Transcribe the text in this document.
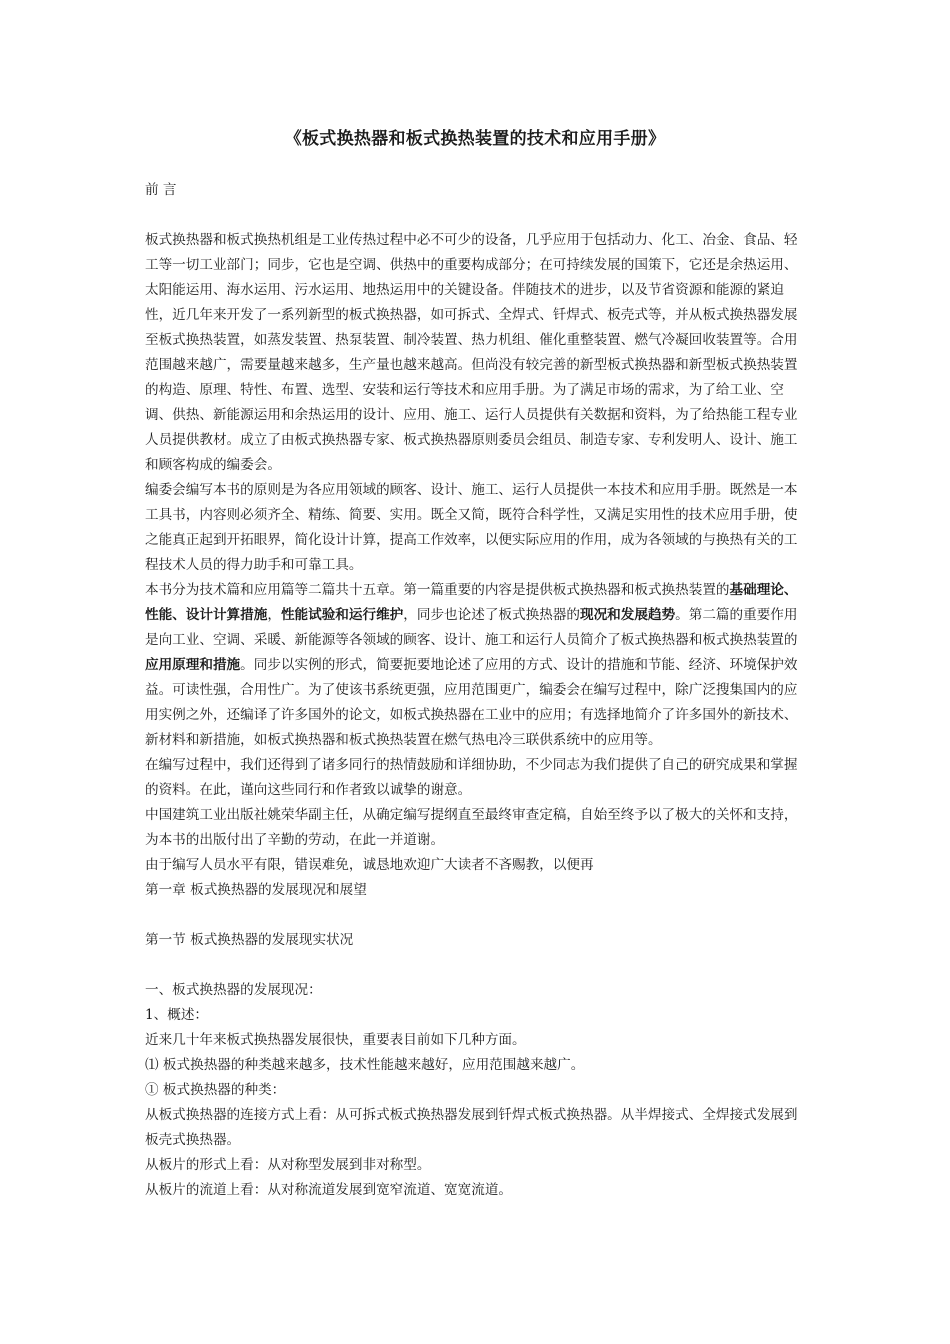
《板式换热器和板式换热装置的技术和应用手册》

前 言

板式换热器和板式换热机组是工业传热过程中必不可少的设备，几乎应用于包括动力、化工、冶金、食品、轻工等一切工业部门；同步，它也是空调、供热中的重要构成部分；在可持续发展的国策下，它还是余热运用、太阳能运用、海水运用、污水运用、地热运用中的关键设备。伴随技术的进步，以及节省资源和能源的紧迫性，近几年来开发了一系列新型的板式换热器，如可拆式、全焊式、钎焊式、板壳式等，并从板式换热器发展至板式换热装置，如蒸发装置、热泵装置、制冷装置、热力机组、催化重整装置、燃气冷凝回收装置等。合用范围越来越广，需要量越来越多，生产量也越来越高。但尚没有较完善的新型板式换热器和新型板式换热装置的构造、原理、特性、布置、选型、安装和运行等技术和应用手册。为了满足市场的需求，为了给工业、空调、供热、新能源运用和余热运用的设计、应用、施工、运行人员提供有关数据和资料，为了给热能工程专业人员提供教材。成立了由板式换热器专家、板式换热器原则委员会组员、制造专家、专利发明人、设计、施工和顾客构成的编委会。

编委会编写本书的原则是为各应用领域的顾客、设计、施工、运行人员提供一本技术和应用手册。既然是一本工具书，内容则必须齐全、精练、简要、实用。既全又简，既符合科学性，又满足实用性的技术应用手册，使之能真正起到开拓眼界，简化设计计算，提高工作效率，以便实际应用的作用，成为各领域的与换热有关的工程技术人员的得力助手和可靠工具。

本书分为技术篇和应用篇等二篇共十五章。第一篇重要的内容是提供板式换热器和板式换热装置的基础理论、性能、设计计算措施，性能试验和运行维护，同步也论述了板式换热器的现况和发展趋势。第二篇的重要作用是向工业、空调、采暖、新能源等各领域的顾客、设计、施工和运行人员简介了板式换热器和板式换热装置的应用原理和措施。同步以实例的形式，简要扼要地论述了应用的方式、设计的措施和节能、经济、环境保护效益。可读性强，合用性广。为了使该书系统更强，应用范围更广，编委会在编写过程中，除广泛搜集国内的应用实例之外，还编译了许多国外的论文，如板式换热器在工业中的应用；有选择地简介了许多国外的新技术、新材料和新措施，如板式换热器和板式换热装置在燃气热电冷三联供系统中的应用等。

在编写过程中，我们还得到了诸多同行的热情鼓励和详细协助，不少同志为我们提供了自己的研究成果和掌握的资料。在此，谨向这些同行和作者致以诚挚的谢意。

中国建筑工业出版社姚荣华副主任，从确定编写提纲直至最终审查定稿，自始至终予以了极大的关怀和支持，为本书的出版付出了辛勤的劳动，在此一并道谢。

由于编写人员水平有限，错误难免，诚恳地欢迎广大读者不吝赐教，以便再

第一章 板式换热器的发展现况和展望

第一节 板式换热器的发展现实状况

一、板式换热器的发展现况：

1、概述：

近来几十年来板式换热器发展很快，重要表目前如下几种方面。

⑴ 板式换热器的种类越来越多，技术性能越来越好，应用范围越来越广。

① 板式换热器的种类：

从板式换热器的连接方式上看：从可拆式板式换热器发展到钎焊式板式换热器。从半焊接式、全焊接式发展到板壳式换热器。

从板片的形式上看：从对称型发展到非对称型。

从板片的流道上看：从对称流道发展到宽窄流道、宽宽流道。
